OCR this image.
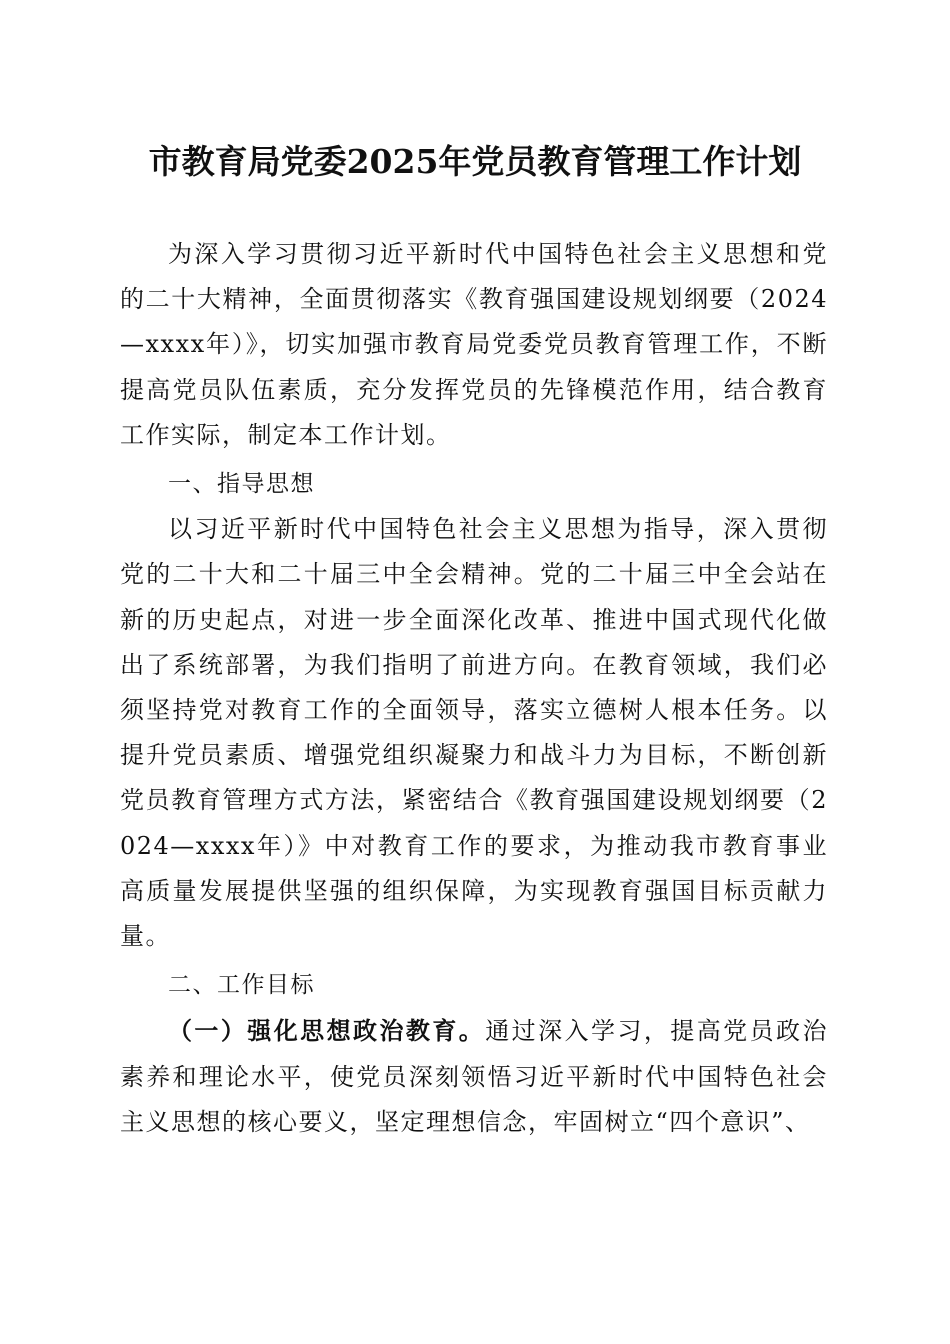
市教育局党委2025年党员教育管理工作计划

为深入学习贯彻习近平新时代中国特色社会主义思想和党的二十大精神，全面贯彻落实《教育强国建设规划纲要（2024—xxxx年）》，切实加强市教育局党委党员教育管理工作，不断提高党员队伍素质，充分发挥党员的先锋模范作用，结合教育工作实际，制定本工作计划。

一、指导思想

以习近平新时代中国特色社会主义思想为指导，深入贯彻党的二十大和二十届三中全会精神。党的二十届三中全会站在新的历史起点，对进一步全面深化改革、推进中国式现代化做出了系统部署，为我们指明了前进方向。在教育领域，我们必须坚持党对教育工作的全面领导，落实立德树人根本任务。以提升党员素质、增强党组织凝聚力和战斗力为目标，不断创新党员教育管理方式方法，紧密结合《教育强国建设规划纲要（2024—xxxx年）》中对教育工作的要求，为推动我市教育事业高质量发展提供坚强的组织保障，为实现教育强国目标贡献力量。

二、工作目标

（一）强化思想政治教育。通过深入学习，提高党员政治素养和理论水平，使党员深刻领悟习近平新时代中国特色社会主义思想的核心要义，坚定理想信念，牢固树立“四个意识”、
